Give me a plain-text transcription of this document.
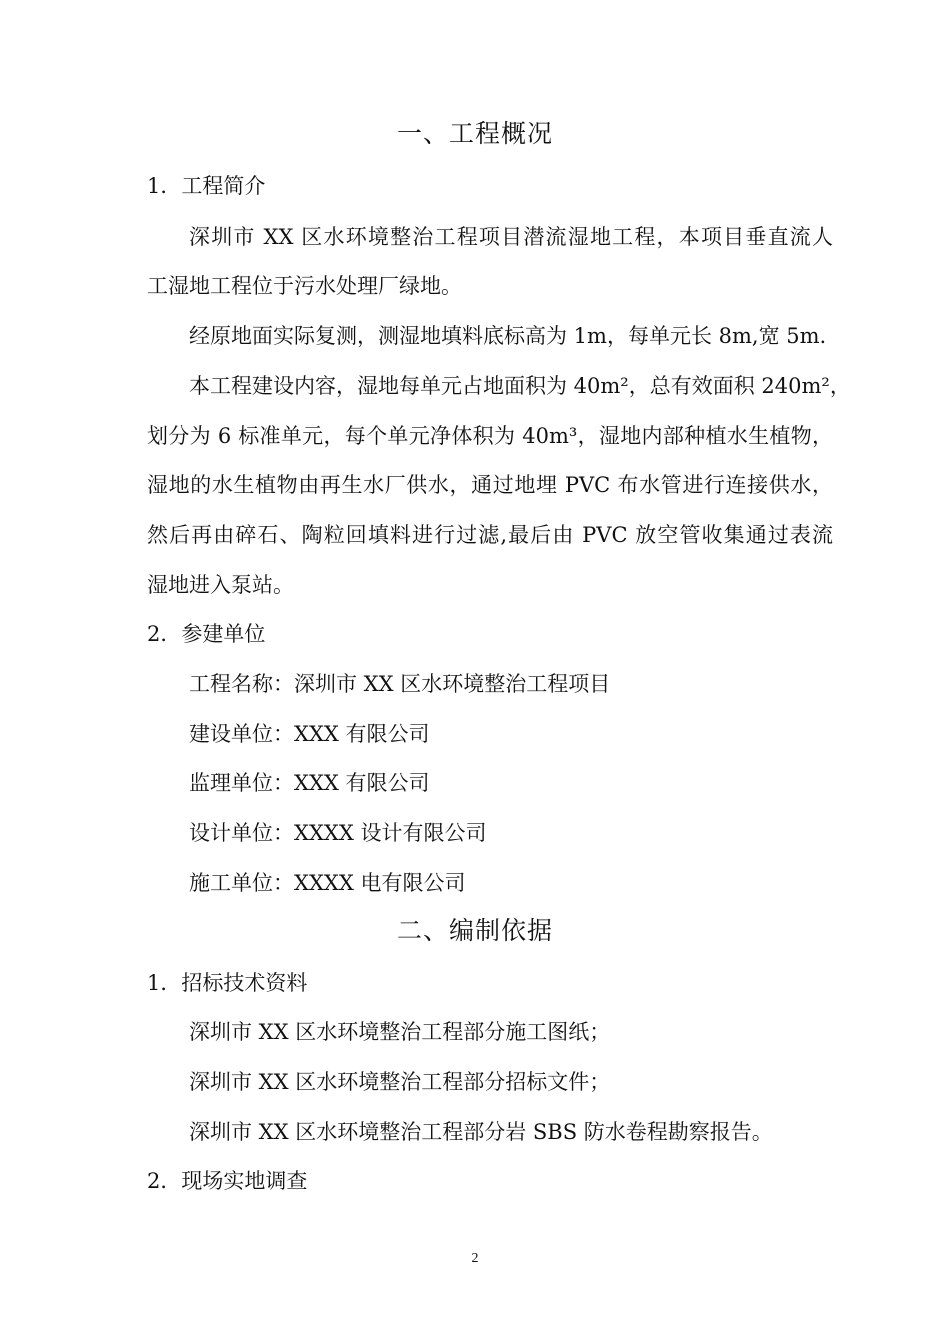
一、工程概况
1．工程简介
深圳市 XX 区水环境整治工程项目潜流湿地工程，本项目垂直流人
工湿地工程位于污水处理厂绿地。
经原地面实际复测，测湿地填料底标高为 1m，每单元长 8m,宽 5m.
本工程建设内容，湿地每单元占地面积为 40m²，总有效面积 240m²，
划分为 6 标准单元，每个单元净体积为 40m³，湿地内部种植水生植物，
湿地的水生植物由再生水厂供水，通过地埋 PVC 布水管进行连接供水，
然后再由碎石、陶粒回填料进行过滤,最后由 PVC 放空管收集通过表流
湿地进入泵站。
2．参建单位
工程名称：深圳市 XX 区水环境整治工程项目
建设单位：XXX 有限公司
监理单位：XXX 有限公司
设计单位：XXXX 设计有限公司
施工单位：XXXX 电有限公司
二、编制依据
1．招标技术资料
深圳市 XX 区水环境整治工程部分施工图纸；
深圳市 XX 区水环境整治工程部分招标文件；
深圳市 XX 区水环境整治工程部分岩 SBS 防水卷程勘察报告。
2．现场实地调查
2
